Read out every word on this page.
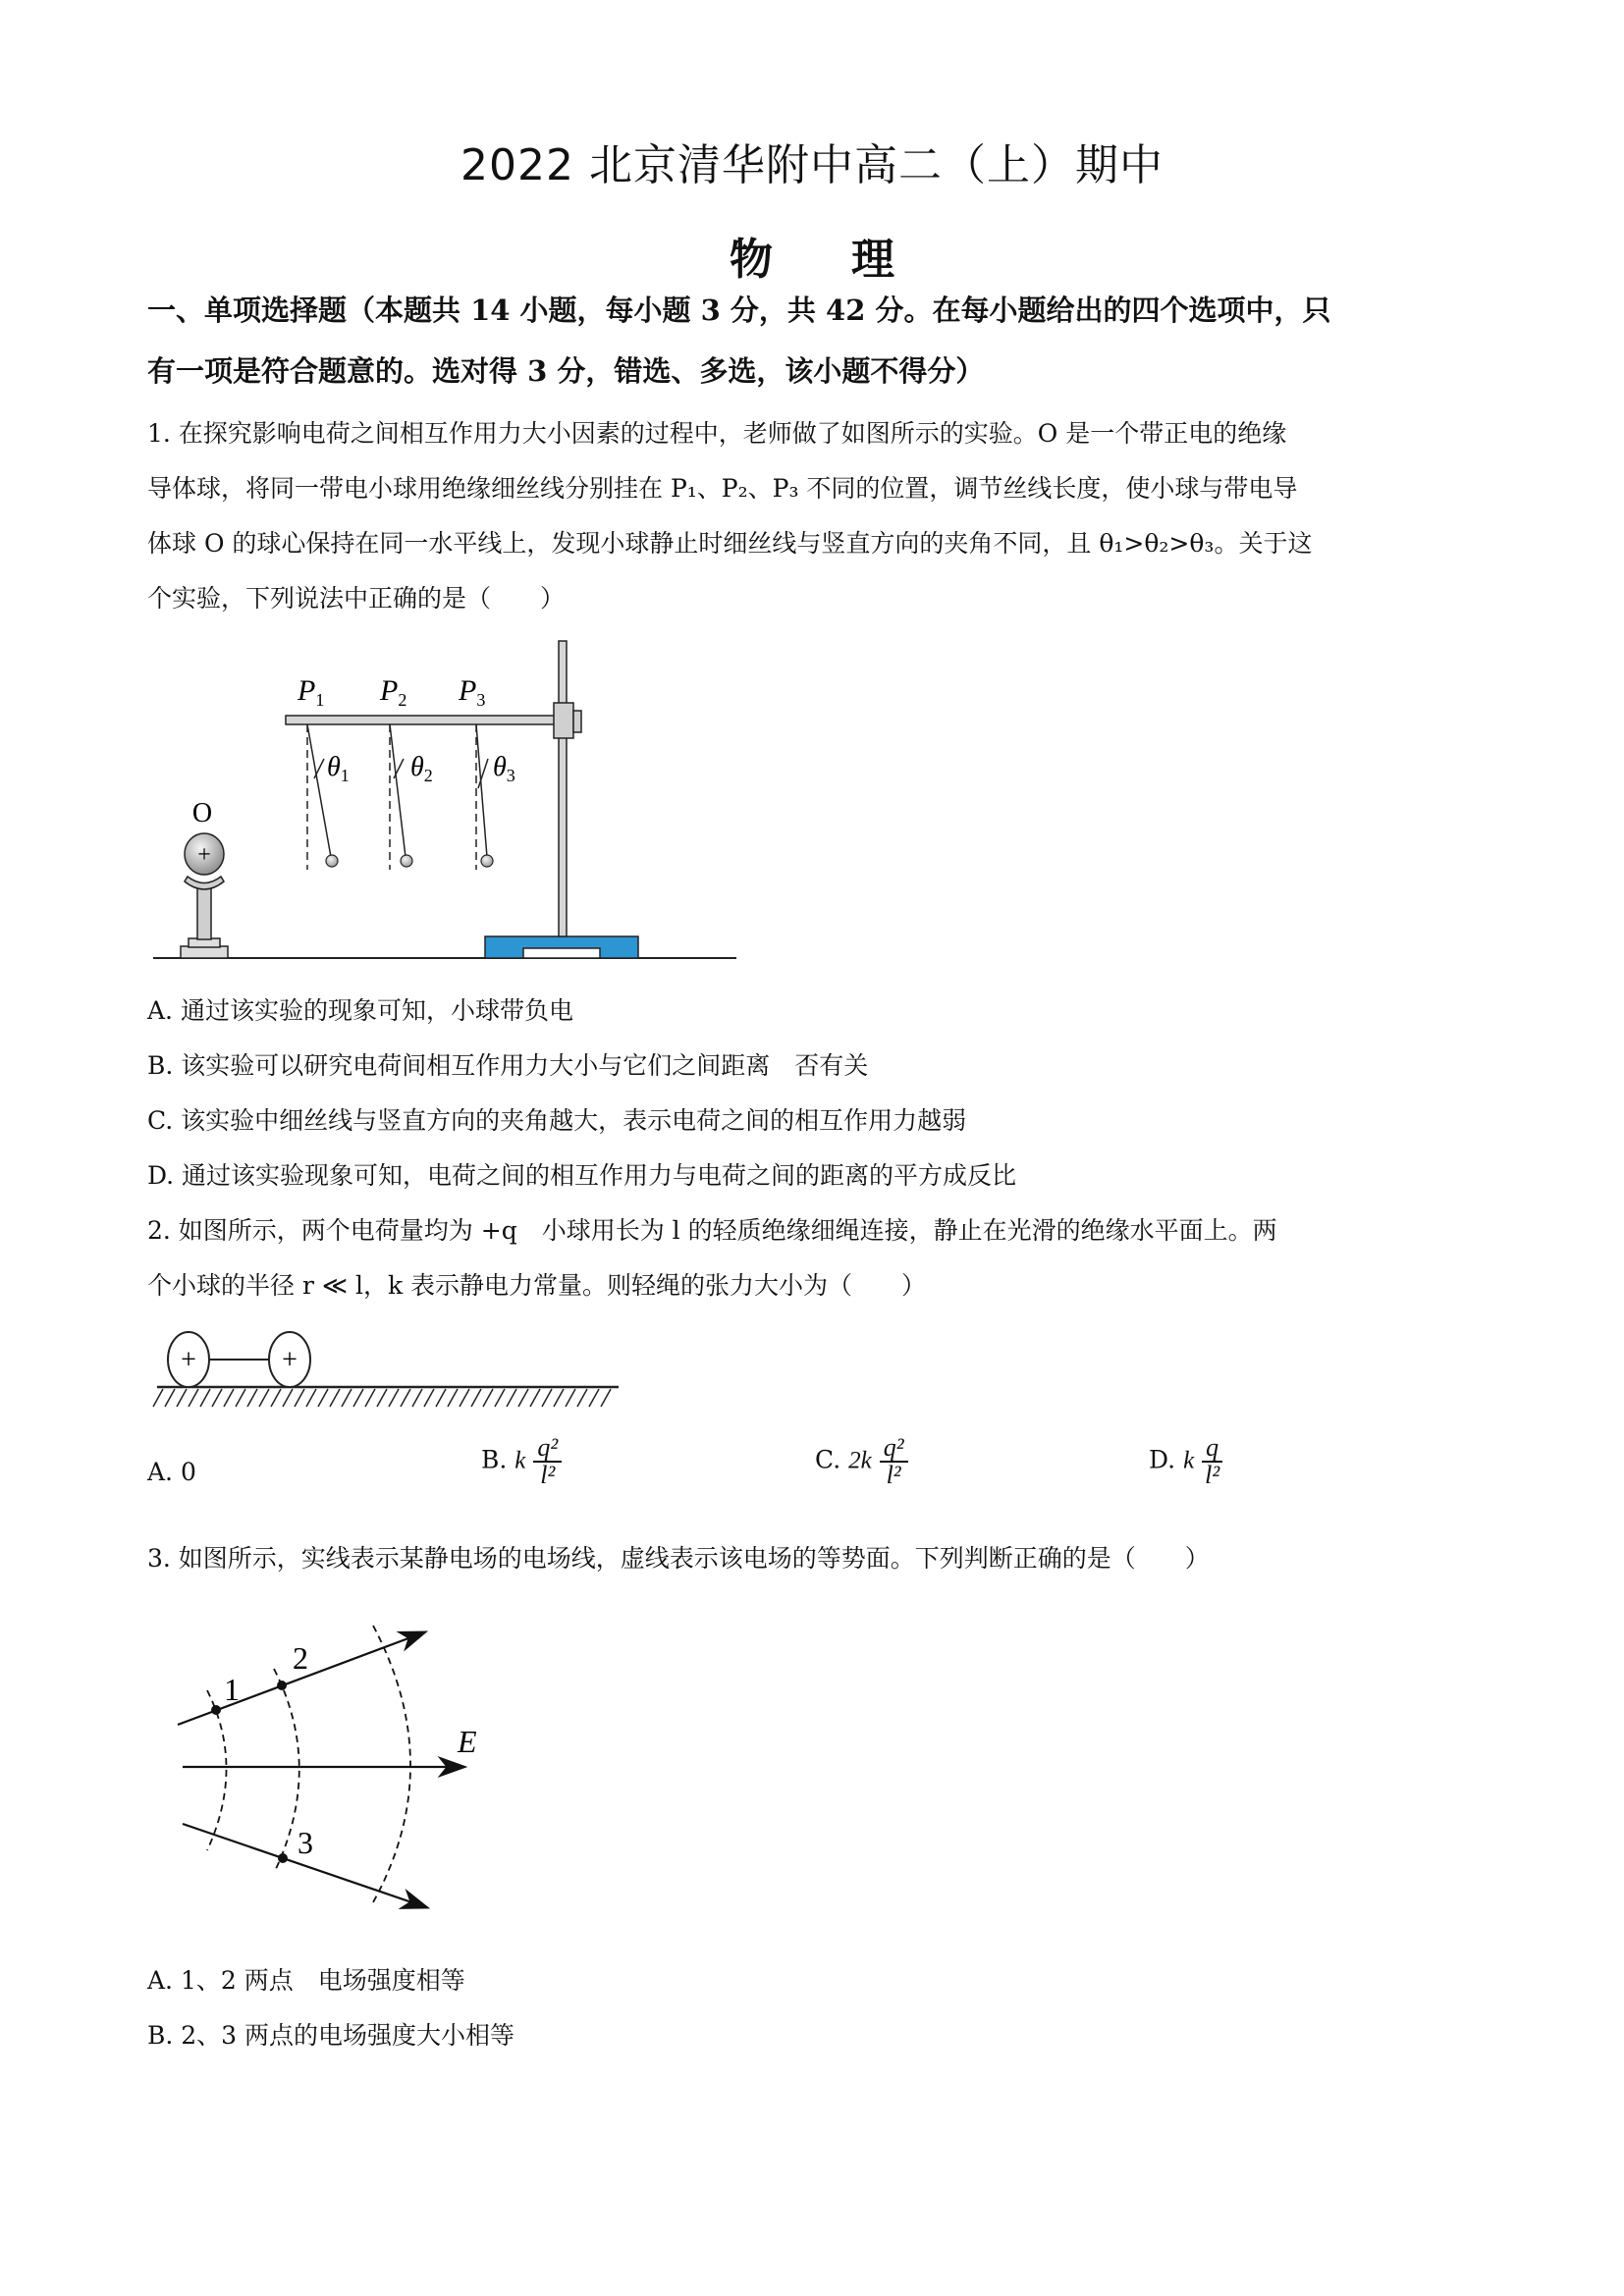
2022 北京清华附中高二（上）期中
物 理
一、单项选择题（本题共 14 小题，每小题 3 分，共 42 分。在每小题给出的四个选项中，只
有一项是符合题意的。选对得 3 分，错选、多选，该小题不得分）
1. 在探究影响电荷之间相互作用力大小因素的过程中，老师做了如图所示的实验。O 是一个带正电的绝缘
导体球，将同一带电小球用绝缘细丝线分别挂在 P₁、P₂、P₃ 不同的位置，调节丝线长度，使小球与带电导
体球 O 的球心保持在同一水平线上，发现小球静止时细丝线与竖直方向的夹角不同，且 θ₁>θ₂>θ₃。关于这
个实验，下列说法中正确的是（　　）
+
O
$P_1$
$\theta_1$
$P_2$
$\theta_2$
$P_3$
$\theta_3$
A. 通过该实验的现象可知，小球带负电
B. 该实验可以研究电荷间相互作用力大小与它们之间距离　否有关
C. 该实验中细丝线与竖直方向的夹角越大，表示电荷之间的相互作用力越弱
D. 通过该实验现象可知，电荷之间的相互作用力与电荷之间的距离的平方成反比
2. 如图所示，两个电荷量均为 +q　小球用长为 l 的轻质绝缘细绳连接，静止在光滑的绝缘水平面上。两
个小球的半径 r ≪ l，k 表示静电力常量。则轻绳的张力大小为（　　）
+	+
A. 0	B. k $\frac{\text{q²}}{\text{l²}}$	C. $2k \frac{\text{q²}}{\text{l²}}$	D. k $\frac{q}{\text{l²}}$
3. 如图所示，实线表示某静电场的电场线，虚线表示该电场的等势面。下列判断正确的是（　　）
1
2
3
E
A. 1、2 两点　电场强度相等
B. 2、3 两点的电场强度大小相等
